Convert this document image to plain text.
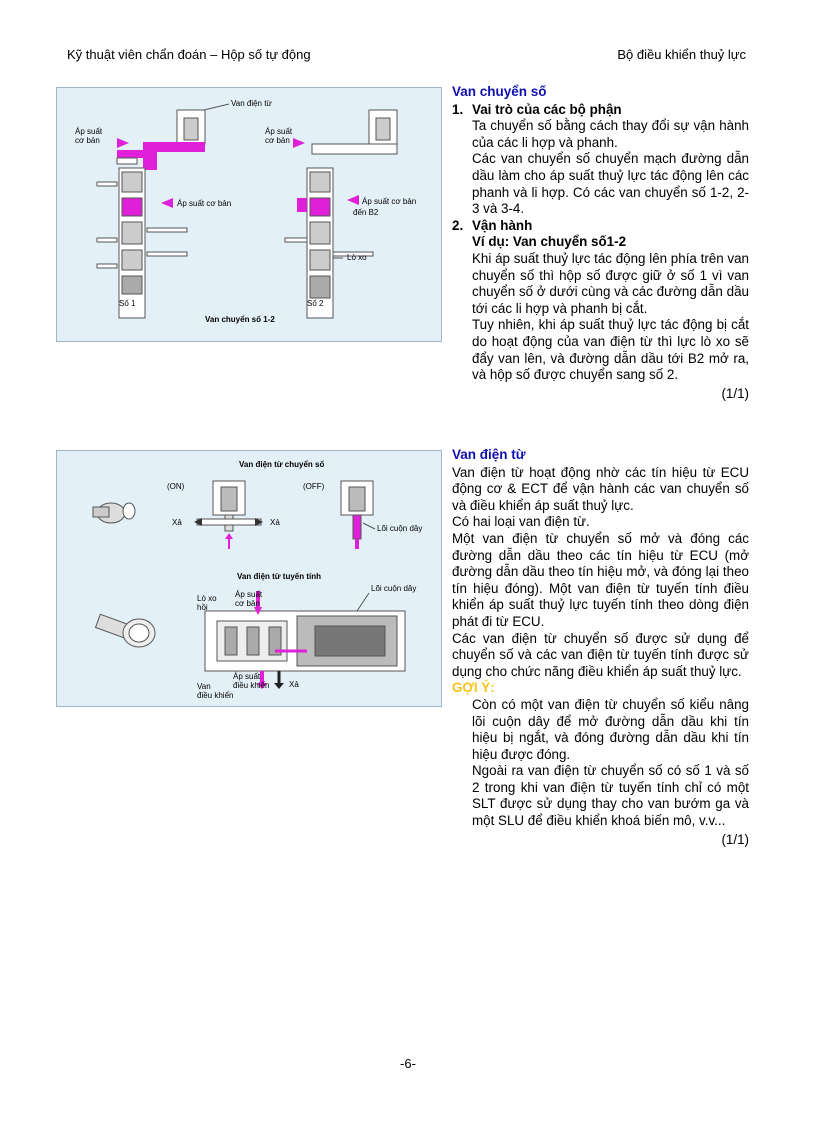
Kỹ thuật viên chẩn đoán – Hộp số tự động	Bộ điều khiển thuỷ lực
Van điện từ
Áp suất cơ bản
Áp suất cơ bản
Áp suất cơ bản	Áp suất cơ bản
đến B2
Lò xo
Số 1	Số 2
Van chuyển số 1-2
Van chuyển số
1. Vai trò của các bộ phận
Ta chuyển số bằng cách thay đổi sự vận hành của các li hợp và phanh.
Các van chuyển số chuyển mạch đường dẫn dầu làm cho áp suất thuỷ lực tác động lên các phanh và li hợp. Có các van chuyển số 1-2, 2-3 và 3-4.
2. Vận hành
Ví dụ: Van chuyển số1-2
Khi áp suất thuỷ lực tác động lên phía trên van chuyển số thì hộp số được giữ ở số 1 vì van chuyển số ở dưới cùng và các đường dẫn dầu tới các li hợp và phanh bị cắt.
Tuy nhiên, khi áp suất thuỷ lực tác động bị cắt do hoạt động của van điện từ thì lực lò xo sẽ đẩy van lên, và đường dẫn dầu tới B2 mở ra, và hộp số được chuyển sang số 2.
(1/1)
Van điện từ chuyển số
(ON)	(OFF)
Xả	Xả
Lõi cuộn dây
Van điện từ tuyến tính
Lõi cuộn dây
Lò xo hồi
Áp suất cơ bản
Áp suất điều khiển Xả
Van điều khiển
Van điện từ
Van điện từ hoạt động nhờ các tín hiệu từ ECU động cơ & ECT để vận hành các van chuyển số và điều khiển áp suất thuỷ lực.
Có hai loại van điện từ.
Một van điện từ chuyển số mở và đóng các đường dẫn dầu theo các tín hiệu từ ECU (mở đường dẫn dầu theo tín hiệu mở, và đóng lại theo tín hiệu đóng). Một van điện từ tuyến tính điều khiển áp suất thuỷ lực tuyến tính theo dòng điện phát đi từ ECU.
Các van điện từ chuyển số được sử dụng để chuyển số và các van điện từ tuyến tính được sử dụng cho chức năng điều khiển áp suất thuỷ lực.
GỢI Ý:
Còn có một van điện từ chuyển số kiểu nâng lõi cuộn dây để mở đường dẫn dầu khi tín hiệu bị ngắt, và đóng đường dẫn dầu khi tín hiệu được đóng.
Ngoài ra van điện từ chuyển số có số 1 và số 2 trong khi van điện từ tuyến tính chỉ có một SLT được sử dụng thay cho van bướm ga và một SLU để điều khiển khoá biến mô, v.v...
(1/1)
-6-
